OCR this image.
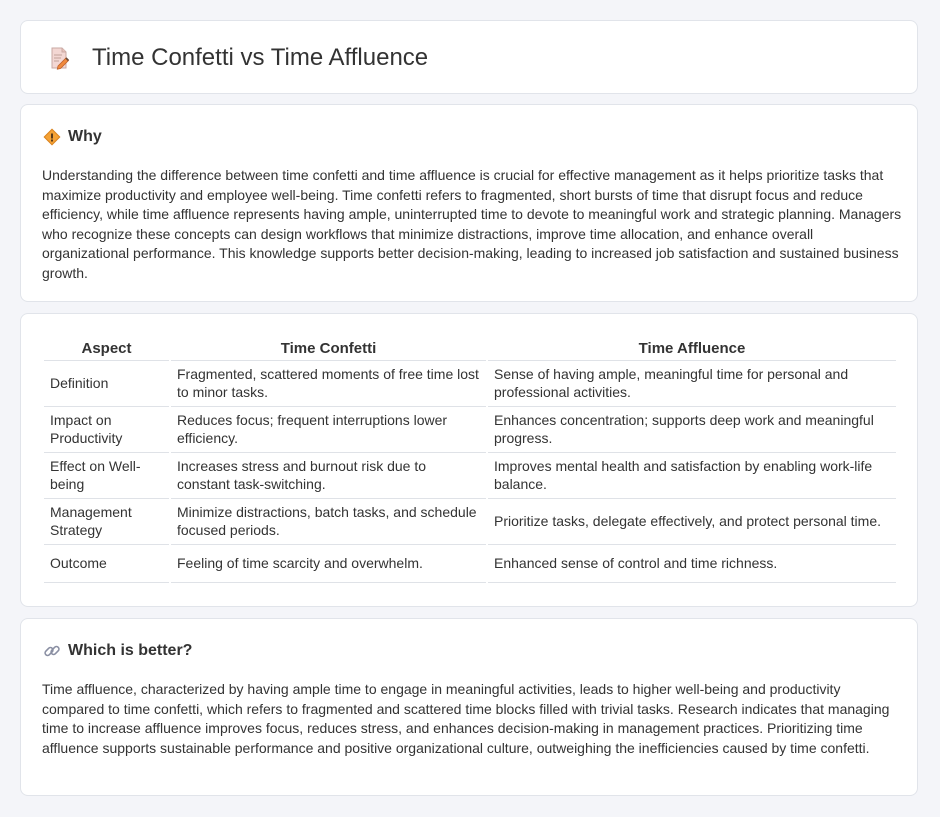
Time Confetti vs Time Affluence
Why

Understanding the difference between time confetti and time affluence is crucial for effective management as it helps prioritize tasks that maximize productivity and employee well-being. Time confetti refers to fragmented, short bursts of time that disrupt focus and reduce efficiency, while time affluence represents having ample, uninterrupted time to devote to meaningful work and strategic planning. Managers who recognize these concepts can design workflows that minimize distractions, improve time allocation, and enhance overall organizational performance. This knowledge supports better decision-making, leading to increased job satisfaction and sustained business growth.

Aspect	Time Confetti	Time Affluence
Definition	Fragmented, scattered moments of free time lost to minor tasks.	Sense of having ample, meaningful time for personal and professional activities.
Impact on Productivity	Reduces focus; frequent interruptions lower efficiency.	Enhances concentration; supports deep work and meaningful progress.
Effect on Well-being	Increases stress and burnout risk due to constant task-switching.	Improves mental health and satisfaction by enabling work-life balance.
Management Strategy	Minimize distractions, batch tasks, and schedule focused periods.	Prioritize tasks, delegate effectively, and protect personal time.
Outcome	Feeling of time scarcity and overwhelm.	Enhanced sense of control and time richness.
Which is better?

Time affluence, characterized by having ample time to engage in meaningful activities, leads to higher well-being and productivity compared to time confetti, which refers to fragmented and scattered time blocks filled with trivial tasks. Research indicates that managing time to increase affluence improves focus, reduces stress, and enhances decision-making in management practices. Prioritizing time affluence supports sustainable performance and positive organizational culture, outweighing the inefficiencies caused by time confetti.
